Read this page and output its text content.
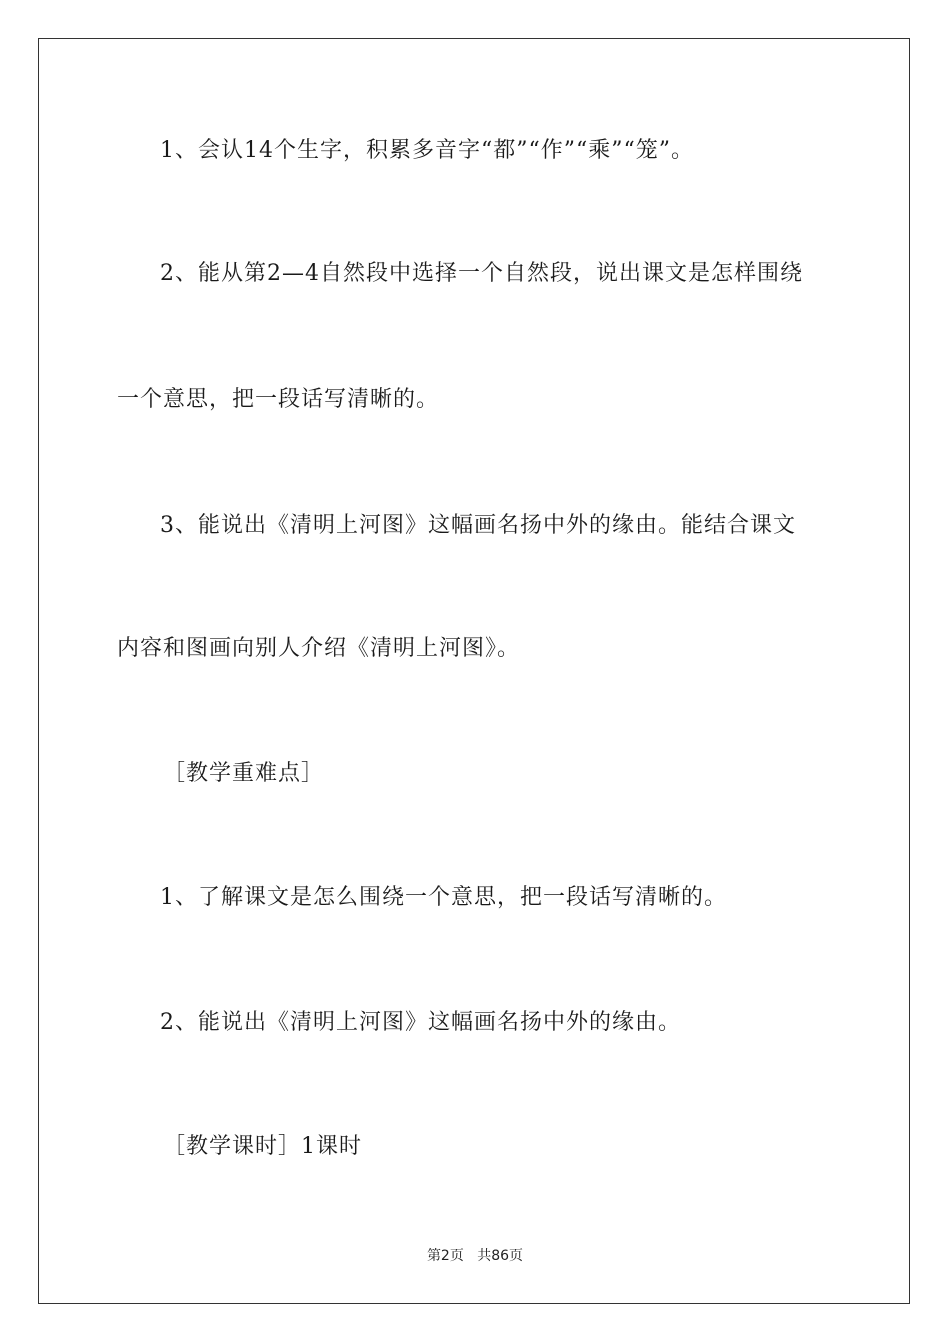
1、会认14个生字，积累多音字“都”“作”“乘”“笼”。
2、能从第2—4自然段中选择一个自然段，说出课文是怎样围绕
一个意思，把一段话写清晰的。
3、能说出《清明上河图》这幅画名扬中外的缘由。能结合课文
内容和图画向别人介绍《清明上河图》。
［教学重难点］
1、了解课文是怎么围绕一个意思，把一段话写清晰的。
2、能说出《清明上河图》这幅画名扬中外的缘由。
［教学课时］1课时
第2页 共86页
